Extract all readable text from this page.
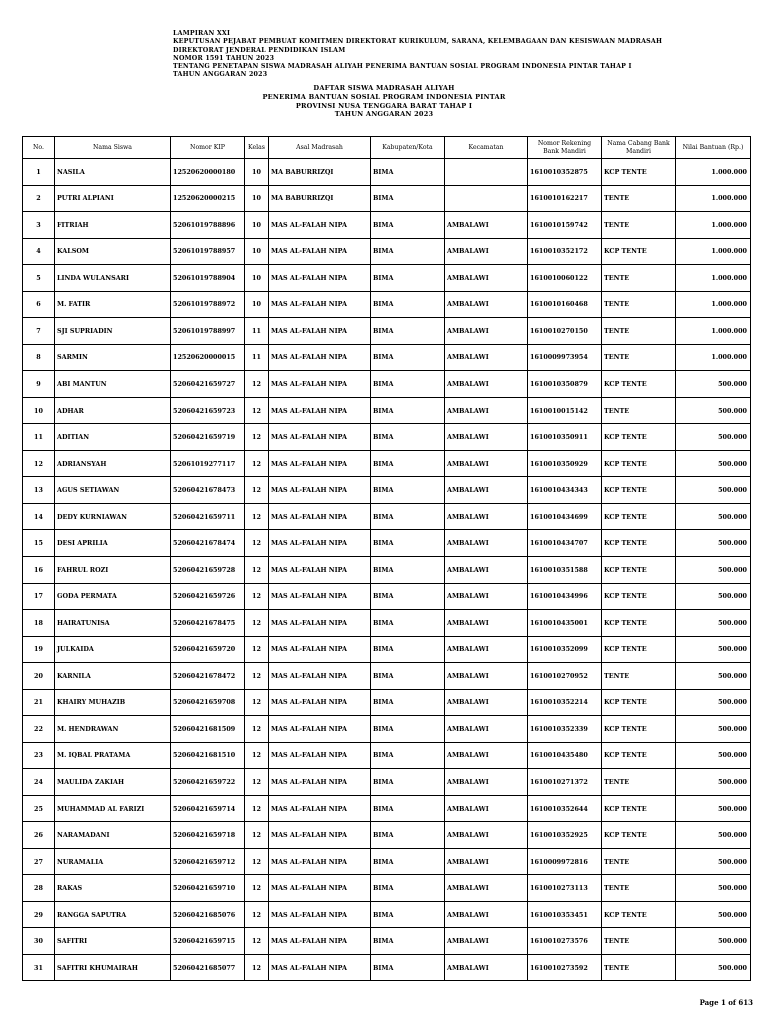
LAMPIRAN XXI
KEPUTUSAN PEJABAT PEMBUAT KOMITMEN DIREKTORAT KURIKULUM, SARANA, KELEMBAGAAN DAN KESISWAAN MADRASAH
DIREKTORAT JENDERAL PENDIDIKAN ISLAM
NOMOR 1591 TAHUN 2023
TENTANG PENETAPAN SISWA MADRASAH ALIYAH PENERIMA BANTUAN SOSIAL PROGRAM INDONESIA PINTAR TAHAP I
TAHUN ANGGARAN 2023
DAFTAR SISWA MADRASAH ALIYAH
PENERIMA BANTUAN SOSIAL PROGRAM INDONESIA PINTAR
PROVINSI NUSA TENGGARA BARAT TAHAP I
TAHUN ANGGARAN 2023
No.	Nama Siswa	Nomor KIP	Kelas	Asal Madrasah	Kabupaten/Kota	Kecamatan	Nomor Rekening Bank Mandiri	Nama Cabang Bank Mandiri	Nilai Bantuan (Rp.)
1	NASILA	12520620000180	10	MA BABURRIZQI	BIMA		1610010352875	KCP TENTE	1.000.000
2	PUTRI ALPIANI	12520620000215	10	MA BABURRIZQI	BIMA		1610010162217	TENTE	1.000.000
3	FITRIAH	52061019788896	10	MAS AL-FALAH NIPA	BIMA	AMBALAWI	1610010159742	TENTE	1.000.000
4	KALSOM	52061019788957	10	MAS AL-FALAH NIPA	BIMA	AMBALAWI	1610010352172	KCP TENTE	1.000.000
5	LINDA WULANSARI	52061019788904	10	MAS AL-FALAH NIPA	BIMA	AMBALAWI	1610010060122	TENTE	1.000.000
6	M. FATIR	52061019788972	10	MAS AL-FALAH NIPA	BIMA	AMBALAWI	1610010160468	TENTE	1.000.000
7	SJI SUPRIADIN	52061019788997	11	MAS AL-FALAH NIPA	BIMA	AMBALAWI	1610010270150	TENTE	1.000.000
8	SARMIN	12520620000015	11	MAS AL-FALAH NIPA	BIMA	AMBALAWI	1610009973954	TENTE	1.000.000
9	ABI MANTUN	52060421659727	12	MAS AL-FALAH NIPA	BIMA	AMBALAWI	1610010350879	KCP TENTE	500.000
10	ADHAR	52060421659723	12	MAS AL-FALAH NIPA	BIMA	AMBALAWI	1610010015142	TENTE	500.000
11	ADITIAN	52060421659719	12	MAS AL-FALAH NIPA	BIMA	AMBALAWI	1610010350911	KCP TENTE	500.000
12	ADRIANSYAH	52061019277117	12	MAS AL-FALAH NIPA	BIMA	AMBALAWI	1610010350929	KCP TENTE	500.000
13	AGUS SETIAWAN	52060421678473	12	MAS AL-FALAH NIPA	BIMA	AMBALAWI	1610010434343	KCP TENTE	500.000
14	DEDY KURNIAWAN	52060421659711	12	MAS AL-FALAH NIPA	BIMA	AMBALAWI	1610010434699	KCP TENTE	500.000
15	DESI APRILIA	52060421678474	12	MAS AL-FALAH NIPA	BIMA	AMBALAWI	1610010434707	KCP TENTE	500.000
16	FAHRUL ROZI	52060421659728	12	MAS AL-FALAH NIPA	BIMA	AMBALAWI	1610010351588	KCP TENTE	500.000
17	GODA PERMATA	52060421659726	12	MAS AL-FALAH NIPA	BIMA	AMBALAWI	1610010434996	KCP TENTE	500.000
18	HAIRATUNISA	52060421678475	12	MAS AL-FALAH NIPA	BIMA	AMBALAWI	1610010435001	KCP TENTE	500.000
19	JULKAIDA	52060421659720	12	MAS AL-FALAH NIPA	BIMA	AMBALAWI	1610010352099	KCP TENTE	500.000
20	KARNILA	52060421678472	12	MAS AL-FALAH NIPA	BIMA	AMBALAWI	1610010270952	TENTE	500.000
21	KHAIRY MUHAZIB	52060421659708	12	MAS AL-FALAH NIPA	BIMA	AMBALAWI	1610010352214	KCP TENTE	500.000
22	M. HENDRAWAN	52060421681509	12	MAS AL-FALAH NIPA	BIMA	AMBALAWI	1610010352339	KCP TENTE	500.000
23	M. IQBAL PRATAMA	52060421681510	12	MAS AL-FALAH NIPA	BIMA	AMBALAWI	1610010435480	KCP TENTE	500.000
24	MAULIDA ZAKIAH	52060421659722	12	MAS AL-FALAH NIPA	BIMA	AMBALAWI	1610010271372	TENTE	500.000
25	MUHAMMAD AL FARIZI	52060421659714	12	MAS AL-FALAH NIPA	BIMA	AMBALAWI	1610010352644	KCP TENTE	500.000
26	NARAMADANI	52060421659718	12	MAS AL-FALAH NIPA	BIMA	AMBALAWI	1610010352925	KCP TENTE	500.000
27	NURAMALIA	52060421659712	12	MAS AL-FALAH NIPA	BIMA	AMBALAWI	1610009972816	TENTE	500.000
28	RAKAS	52060421659710	12	MAS AL-FALAH NIPA	BIMA	AMBALAWI	1610010273113	TENTE	500.000
29	RANGGA SAPUTRA	52060421685076	12	MAS AL-FALAH NIPA	BIMA	AMBALAWI	1610010353451	KCP TENTE	500.000
30	SAFITRI	52060421659715	12	MAS AL-FALAH NIPA	BIMA	AMBALAWI	1610010273576	TENTE	500.000
31	SAFITRI KHUMAIRAH	52060421685077	12	MAS AL-FALAH NIPA	BIMA	AMBALAWI	1610010273592	TENTE	500.000
Page 1 of 613
